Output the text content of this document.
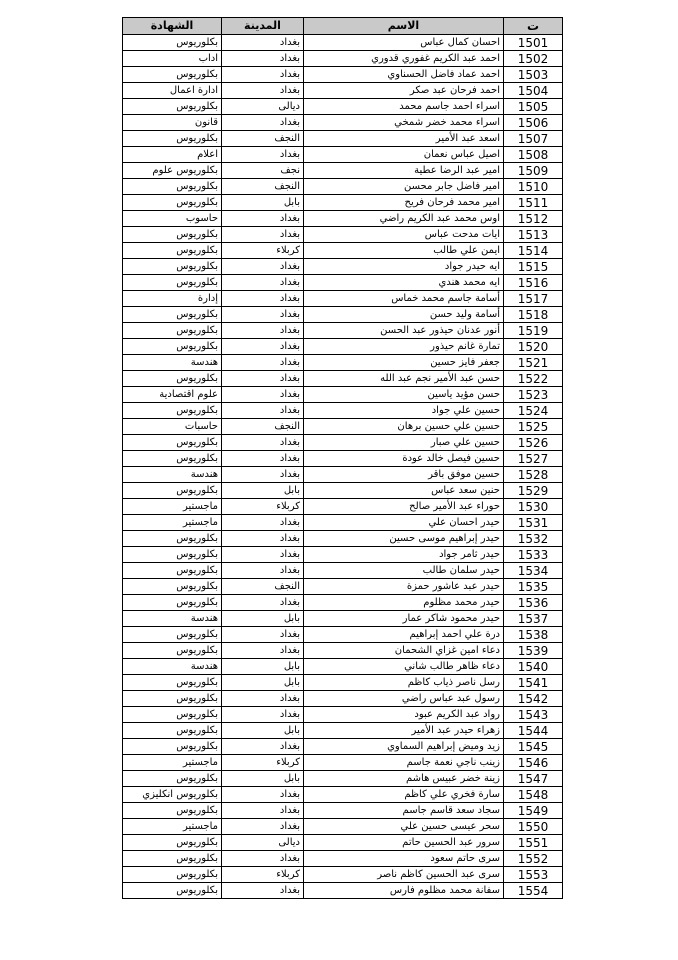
ت	الاسم	المدينة	الشهادة
1501	احسان كمال عباس	بغداد	بكلوريوس
1502	احمد عبد الكريم غفوري قدوري	بغداد	اداب
1503	احمد عماد فاضل الحسناوي	بغداد	بكلوريوس
1504	احمد فرحان عبد صكر	بغداد	ادارة اعمال
1505	اسراء احمد جاسم محمد	ديالى	بكلوريوس
1506	اسراء محمد خضر شمخي	بغداد	قانون
1507	اسعد عبد الأمير	النجف	بكلوريوس
1508	اصيل عباس نعمان	بغداد	اعلام
1509	امير عبد الرضا عطية	نجف	بكلوريوس علوم
1510	امير فاضل جابر محسن	النجف	بكلوريوس
1511	امير محمد فرحان فريح	بابل	بكلوريوس
1512	اوس محمد عبد الكريم راضي	بغداد	حاسوب
1513	ايات مدحت عباس	بغداد	بكلوريوس
1514	ايمن علي طالب	كربلاء	بكلوريوس
1515	ايه حيدر جواد	بغداد	بكلوريوس
1516	ايه محمد هندي	بغداد	بكلوريوس
1517	أسامة جاسم محمد خماس	بغداد	إدارة
1518	أسامة وليد حسن	بغداد	بكلوريوس
1519	أنور عدنان حيذور عبد الحسن	بغداد	بكلوريوس
1520	تمارة غانم حيذور	بغداد	بكلوريوس
1521	جعفر فايز حسين	بغداد	هندسة
1522	حسن عبد الأمير نجم عبد الله	بغداد	بكلوريوس
1523	حسن مؤيد ياسين	بغداد	علوم اقتصادية
1524	حسين علي جواد	بغداد	بكلوريوس
1525	حسين علي حسين برهان	النجف	حاسبات
1526	حسين علي صبار	بغداد	بكلوريوس
1527	حسين فيصل خالد عودة	بغداد	بكلوريوس
1528	حسين موفق باقر	بغداد	هندسة
1529	حنين سعد عباس	بابل	بكلوريوس
1530	حوراء عبد الأمير صالح	كربلاء	ماجستير
1531	حيدر احسان علي	بغداد	ماجستير
1532	حيدر إبراهيم موسى حسين	بغداد	بكلوريوس
1533	حيدر ثامر جواد	بغداد	بكلوريوس
1534	حيدر سلمان طالب	بغداد	بكلوريوس
1535	حيدر عبد عاشور حمزة	النجف	بكلوريوس
1536	حيدر محمد مظلوم	بغداد	بكلوريوس
1537	حيدر محمود شاكر عمار	بابل	هندسة
1538	درة علي احمد إبراهيم	بغداد	بكلوريوس
1539	دعاء امين غزاي الشحمان	بغداد	بكلوريوس
1540	دعاء ظاهر طالب شاني	بابل	هندسة
1541	رسل ناصر ذياب كاظم	بابل	بكلوريوس
1542	رسول عبد عباس راضي	بغداد	بكلوريوس
1543	رواد عبد الكريم عبود	بغداد	بكلوريوس
1544	زهراء حيدر عبد الأمير	بابل	بكلوريوس
1545	زيد وميض إبراهيم السماوي	بغداد	بكلوريوس
1546	زينب ناجي نعمة جاسم	كربلاء	ماجستير
1547	زينة خضر عبيس هاشم	بابل	بكلوريوس
1548	سارة فخري علي كاظم	بغداد	بكلوريوس انكليزي
1549	سجاد سعد قاسم جاسم	بغداد	بكلوريوس
1550	سحر عيسى حسين علي	بغداد	ماجستير
1551	سرور عبد الحسين حاتم	ديالى	بكلوريوس
1552	سرى حاتم سعود	بغداد	بكلوريوس
1553	سرى عبد الحسين كاظم ناصر	كربلاء	بكلوريوس
1554	سفانة محمد مظلوم فارس	بغداد	بكلوريوس
